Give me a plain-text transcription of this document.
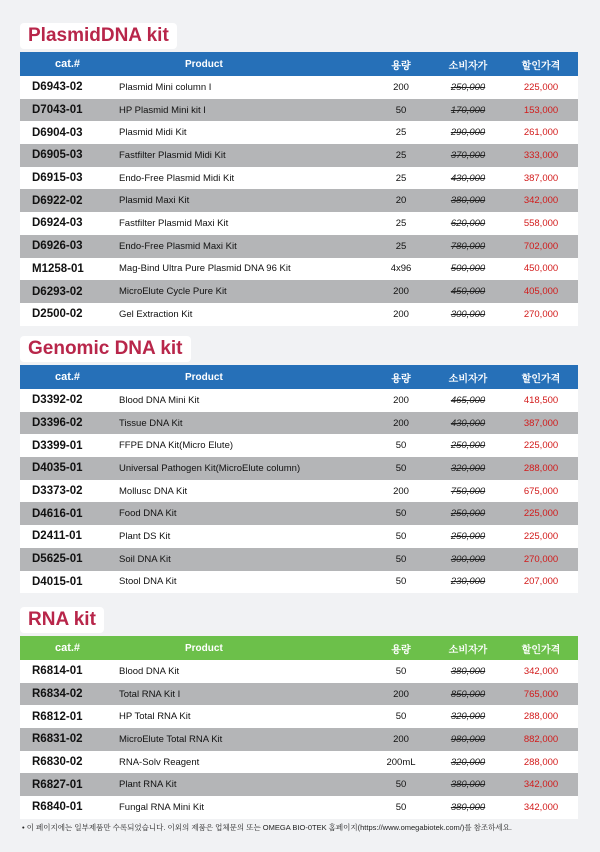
PlasmidDNA kit
cat.#	Product	용량	소비자가	할인가격
D6943-02	Plasmid Mini column I	200	250,000	225,000
D7043-01	HP Plasmid Mini kit I	50	170,000	153,000
D6904-03	Plasmid Midi Kit	25	290,000	261,000
D6905-03	Fastfilter Plasmid Midi Kit	25	370,000	333,000
D6915-03	Endo-Free Plasmid Midi Kit	25	430,000	387,000
D6922-02	Plasmid Maxi Kit	20	380,000	342,000
D6924-03	Fastfilter Plasmid Maxi Kit	25	620,000	558,000
D6926-03	Endo-Free Plasmid Maxi Kit	25	780,000	702,000
M1258-01	Mag-Bind Ultra Pure Plasmid DNA 96 Kit	4x96	500,000	450,000
D6293-02	MicroElute Cycle Pure Kit	200	450,000	405,000
D2500-02	Gel Extraction Kit	200	300,000	270,000
Genomic DNA kit
cat.#	Product	용량	소비자가	할인가격
D3392-02	Blood DNA Mini Kit	200	465,000	418,500
D3396-02	Tissue DNA Kit	200	430,000	387,000
D3399-01	FFPE DNA Kit(Micro Elute)	50	250,000	225,000
D4035-01	Universal Pathogen Kit(MicroElute column)	50	320,000	288,000
D3373-02	Mollusc DNA Kit	200	750,000	675,000
D4616-01	Food DNA Kit	50	250,000	225,000
D2411-01	Plant DS Kit	50	250,000	225,000
D5625-01	Soil DNA Kit	50	300,000	270,000
D4015-01	Stool DNA Kit	50	230,000	207,000
RNA kit
cat.#	Product	용량	소비자가	할인가격
R6814-01	Blood DNA Kit	50	380,000	342,000
R6834-02	Total RNA Kit I	200	850,000	765,000
R6812-01	HP Total RNA Kit	50	320,000	288,000
R6831-02	MicroElute Total RNA Kit	200	980,000	882,000
R6830-02	RNA-Solv Reagent	200mL	320,000	288,000
R6827-01	Plant RNA Kit	50	380,000	342,000
R6840-01	Fungal RNA Mini Kit	50	380,000	342,000
• 이 페이지에는 일부제품만 수록되었습니다. 이외의 제품은 업체문의 또는 OMEGA BIO-0TEK 홈페이지(https://www.omegabiotek.com/)를 참조하세요.
